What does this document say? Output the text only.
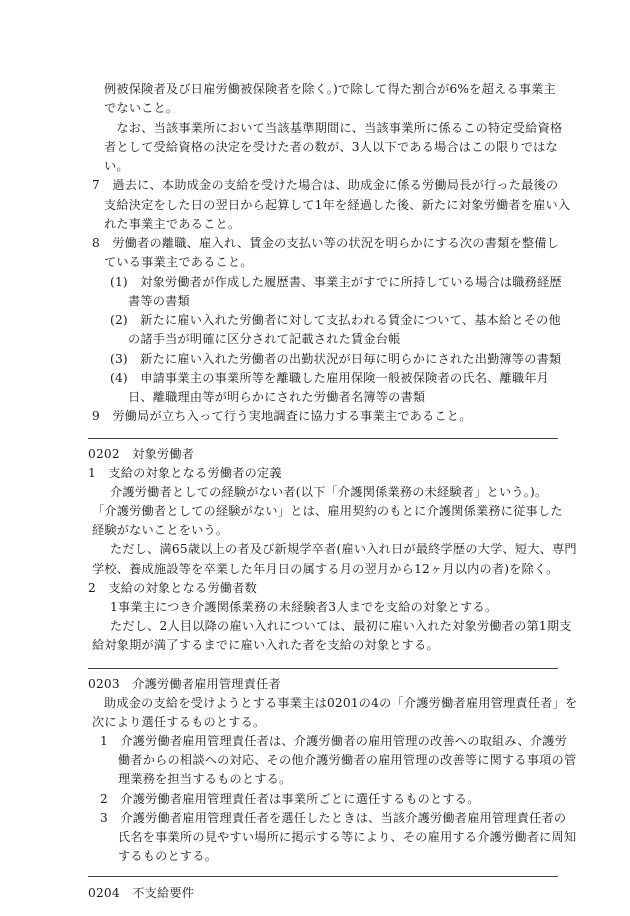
例被保険者及び日雇労働被保険者を除く。)で除して得た割合が6%を超える事業主
でないこと。
　なお、当該事業所において当該基準期間に、当該事業所に係るこの特定受給資格
者として受給資格の決定を受けた者の数が、3人以下である場合はこの限りではな
い。
7　過去に、本助成金の支給を受けた場合は、助成金に係る労働局長が行った最後の
支給決定をした日の翌日から起算して1年を経過した後、新たに対象労働者を雇い入
れた事業主であること。
8　労働者の離職、雇入れ、賃金の支払い等の状況を明らかにする次の書類を整備し
ている事業主であること。
(1)　対象労働者が作成した履歴書、事業主がすでに所持している場合は職務経歴
書等の書類
(2)　新たに雇い入れた労働者に対して支払われる賃金について、基本給とその他
の諸手当が明確に区分されて記載された賃金台帳
(3)　新たに雇い入れた労働者の出勤状況が日毎に明らかにされた出勤簿等の書類
(4)　申請事業主の事業所等を離職した雇用保険一般被保険者の氏名、離職年月
日、離職理由等が明らかにされた労働者名簿等の書類
9　労働局が立ち入って行う実地調査に協力する事業主であること。
0202　対象労働者
1　支給の対象となる労働者の定義
介護労働者としての経験がない者(以下「介護関係業務の未経験者」という。)。
「介護労働者としての経験がない」とは、雇用契約のもとに介護関係業務に従事した
経験がないことをいう。
ただし、満65歳以上の者及び新規学卒者(雇い入れ日が最終学歴の大学、短大、専門
学校、養成施設等を卒業した年月日の属する月の翌月から12ヶ月以内の者)を除く。
2　支給の対象となる労働者数
1事業主につき介護関係業務の未経験者3人までを支給の対象とする。
ただし、2人目以降の雇い入れについては、最初に雇い入れた対象労働者の第1期支
給対象期が満了するまでに雇い入れた者を支給の対象とする。
0203　介護労働者雇用管理責任者
助成金の支給を受けようとする事業主は0201の4の「介護労働者雇用管理責任者」を
次により選任するものとする。
1　介護労働者雇用管理責任者は、介護労働者の雇用管理の改善への取組み、介護労
働者からの相談への対応、その他介護労働者の雇用管理の改善等に関する事項の管
理業務を担当するものとする。
2　介護労働者雇用管理責任者は事業所ごとに選任するものとする。
3　介護労働者雇用管理責任者を選任したときは、当該介護労働者雇用管理責任者の
氏名を事業所の見やすい場所に掲示する等により、その雇用する介護労働者に周知
するものとする。
0204　不支給要件
